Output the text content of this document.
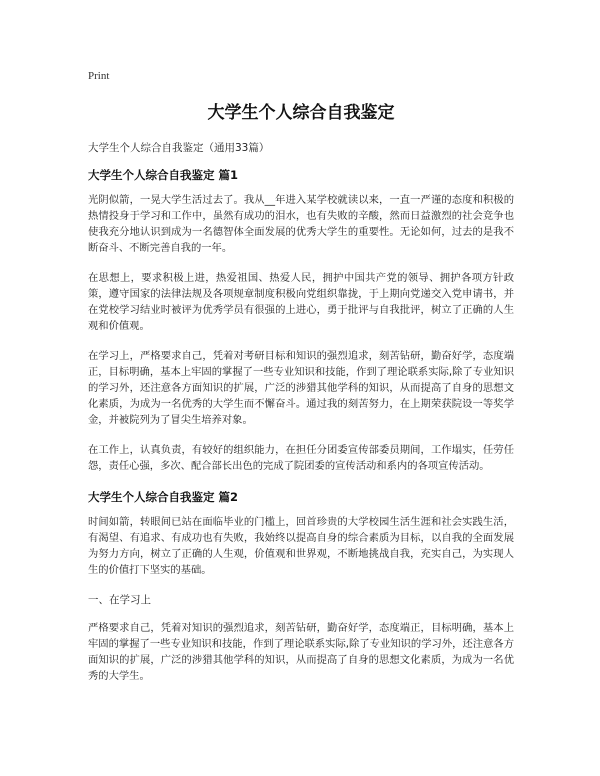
Print
大学生个人综合自我鉴定
大学生个人综合自我鉴定（通用33篇）
大学生个人综合自我鉴定 篇1

光阴似箭，一晃大学生活过去了。我从__年进入某学校就读以来，一直一严谨的态度和积极的热情投身于学习和工作中，虽然有成功的泪水，也有失败的辛酸，然而日益激烈的社会竞争也使我充分地认识到成为一名德智体全面发展的优秀大学生的重要性。无论如何，过去的是我不断奋斗、不断完善自我的一年。

在思想上，要求积极上进，热爱祖国、热爱人民，拥护中国共产党的领导、拥护各项方针政策，遵守国家的法律法规及各项规章制度积极向党组织靠拢，于上期向党递交入党申请书，并在党校学习结业时被评为优秀学员有很强的上进心，勇于批评与自我批评，树立了正确的人生观和价值观。

在学习上，严格要求自己，凭着对考研目标和知识的强烈追求，刻苦钻研，勤奋好学，态度端正，目标明确，基本上牢固的掌握了一些专业知识和技能，作到了理论联系实际,除了专业知识的学习外，还注意各方面知识的扩展，广泛的涉猎其他学科的知识，从而提高了自身的思想文化素质，为成为一名优秀的大学生而不懈奋斗。通过我的刻苦努力，在上期荣获院设一等奖学金，并被院列为了冒尖生培养对象。

在工作上，认真负责，有较好的组织能力，在担任分团委宣传部委员期间，工作塌实，任劳任怨，责任心强，多次、配合部长出色的完成了院团委的宣传活动和系内的各项宣传活动。

大学生个人综合自我鉴定 篇2

时间如箭，转眼间已站在面临毕业的门槛上，回首珍贵的大学校园生活生涯和社会实践生活，有渴望、有追求、有成功也有失败，我始终以提高自身的综合素质为目标，以自我的全面发展为努力方向，树立了正确的人生观，价值观和世界观，不断地挑战自我，充实自己，为实现人生的价值打下坚实的基础。

一、在学习上

严格要求自己，凭着对知识的强烈追求，刻苦钻研，勤奋好学，态度端正，目标明确，基本上牢固的掌握了一些专业知识和技能，作到了理论联系实际,除了专业知识的学习外，还注意各方面知识的扩展，广泛的涉猎其他学科的知识，从而提高了自身的思想文化素质，为成为一名优秀的大学生。
